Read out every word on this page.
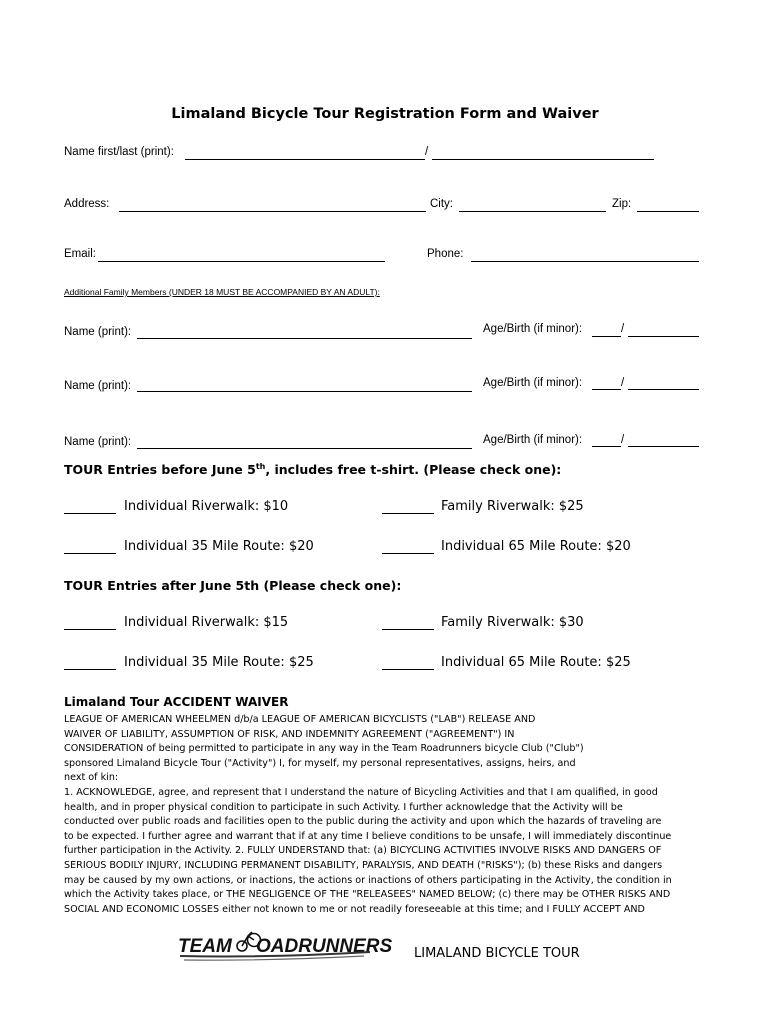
Limaland Bicycle Tour Registration Form and Waiver
Name first/last (print):	/
Address:	City:	Zip:
Email:	Phone:
Additional Family Members (UNDER 18 MUST BE ACCOMPANIED BY AN ADULT):
Name (print):	Age/Birth (if minor):	/
Name (print):	Age/Birth (if minor):	/
Name (print):	Age/Birth (if minor):	/
TOUR Entries before June 5th, includes free t-shirt. (Please check one):
Individual Riverwalk: $10	Family Riverwalk: $25
Individual 35 Mile Route: $20	Individual 65 Mile Route: $20
TOUR Entries after June 5th (Please check one):
Individual Riverwalk: $15	Family Riverwalk: $30
Individual 35 Mile Route: $25	Individual 65 Mile Route: $25
Limaland Tour ACCIDENT WAIVER

LEAGUE OF AMERICAN WHEELMEN d/b/a LEAGUE OF AMERICAN BICYCLISTS ("LAB") RELEASE AND

WAIVER OF LIABILITY, ASSUMPTION OF RISK, AND INDEMNITY AGREEMENT ("AGREEMENT") IN

CONSIDERATION of being permitted to participate in any way in the Team Roadrunners bicycle Club ("Club")

sponsored Limaland Bicycle Tour ("Activity") I, for myself, my personal representatives, assigns, heirs, and

next of kin:

1. ACKNOWLEDGE, agree, and represent that I understand the nature of Bicycling Activities and that I am qualified, in good

health, and in proper physical condition to participate in such Activity. I further acknowledge that the Activity will be

conducted over public roads and facilities open to the public during the activity and upon which the hazards of traveling are

to be expected. I further agree and warrant that if at any time I believe conditions to be unsafe, I will immediately discontinue

further participation in the Activity. 2. FULLY UNDERSTAND that: (a) BICYCLING ACTIVITIES INVOLVE RISKS AND DANGERS OF

SERIOUS BODILY INJURY, INCLUDING PERMANENT DISABILITY, PARALYSIS, AND DEATH ("RISKS"); (b) these Risks and dangers

may be caused by my own actions, or inactions, the actions or inactions of others participating in the Activity, the condition in

which the Activity takes place, or THE NEGLIGENCE OF THE "RELEASEES" NAMED BELOW; (c) there may be OTHER RISKS AND

SOCIAL AND ECONOMIC LOSSES either not known to me or not readily foreseeable at this time; and I FULLY ACCEPT AND

TEAM OADRUNNERS LIMALAND BICYCLE TOUR
